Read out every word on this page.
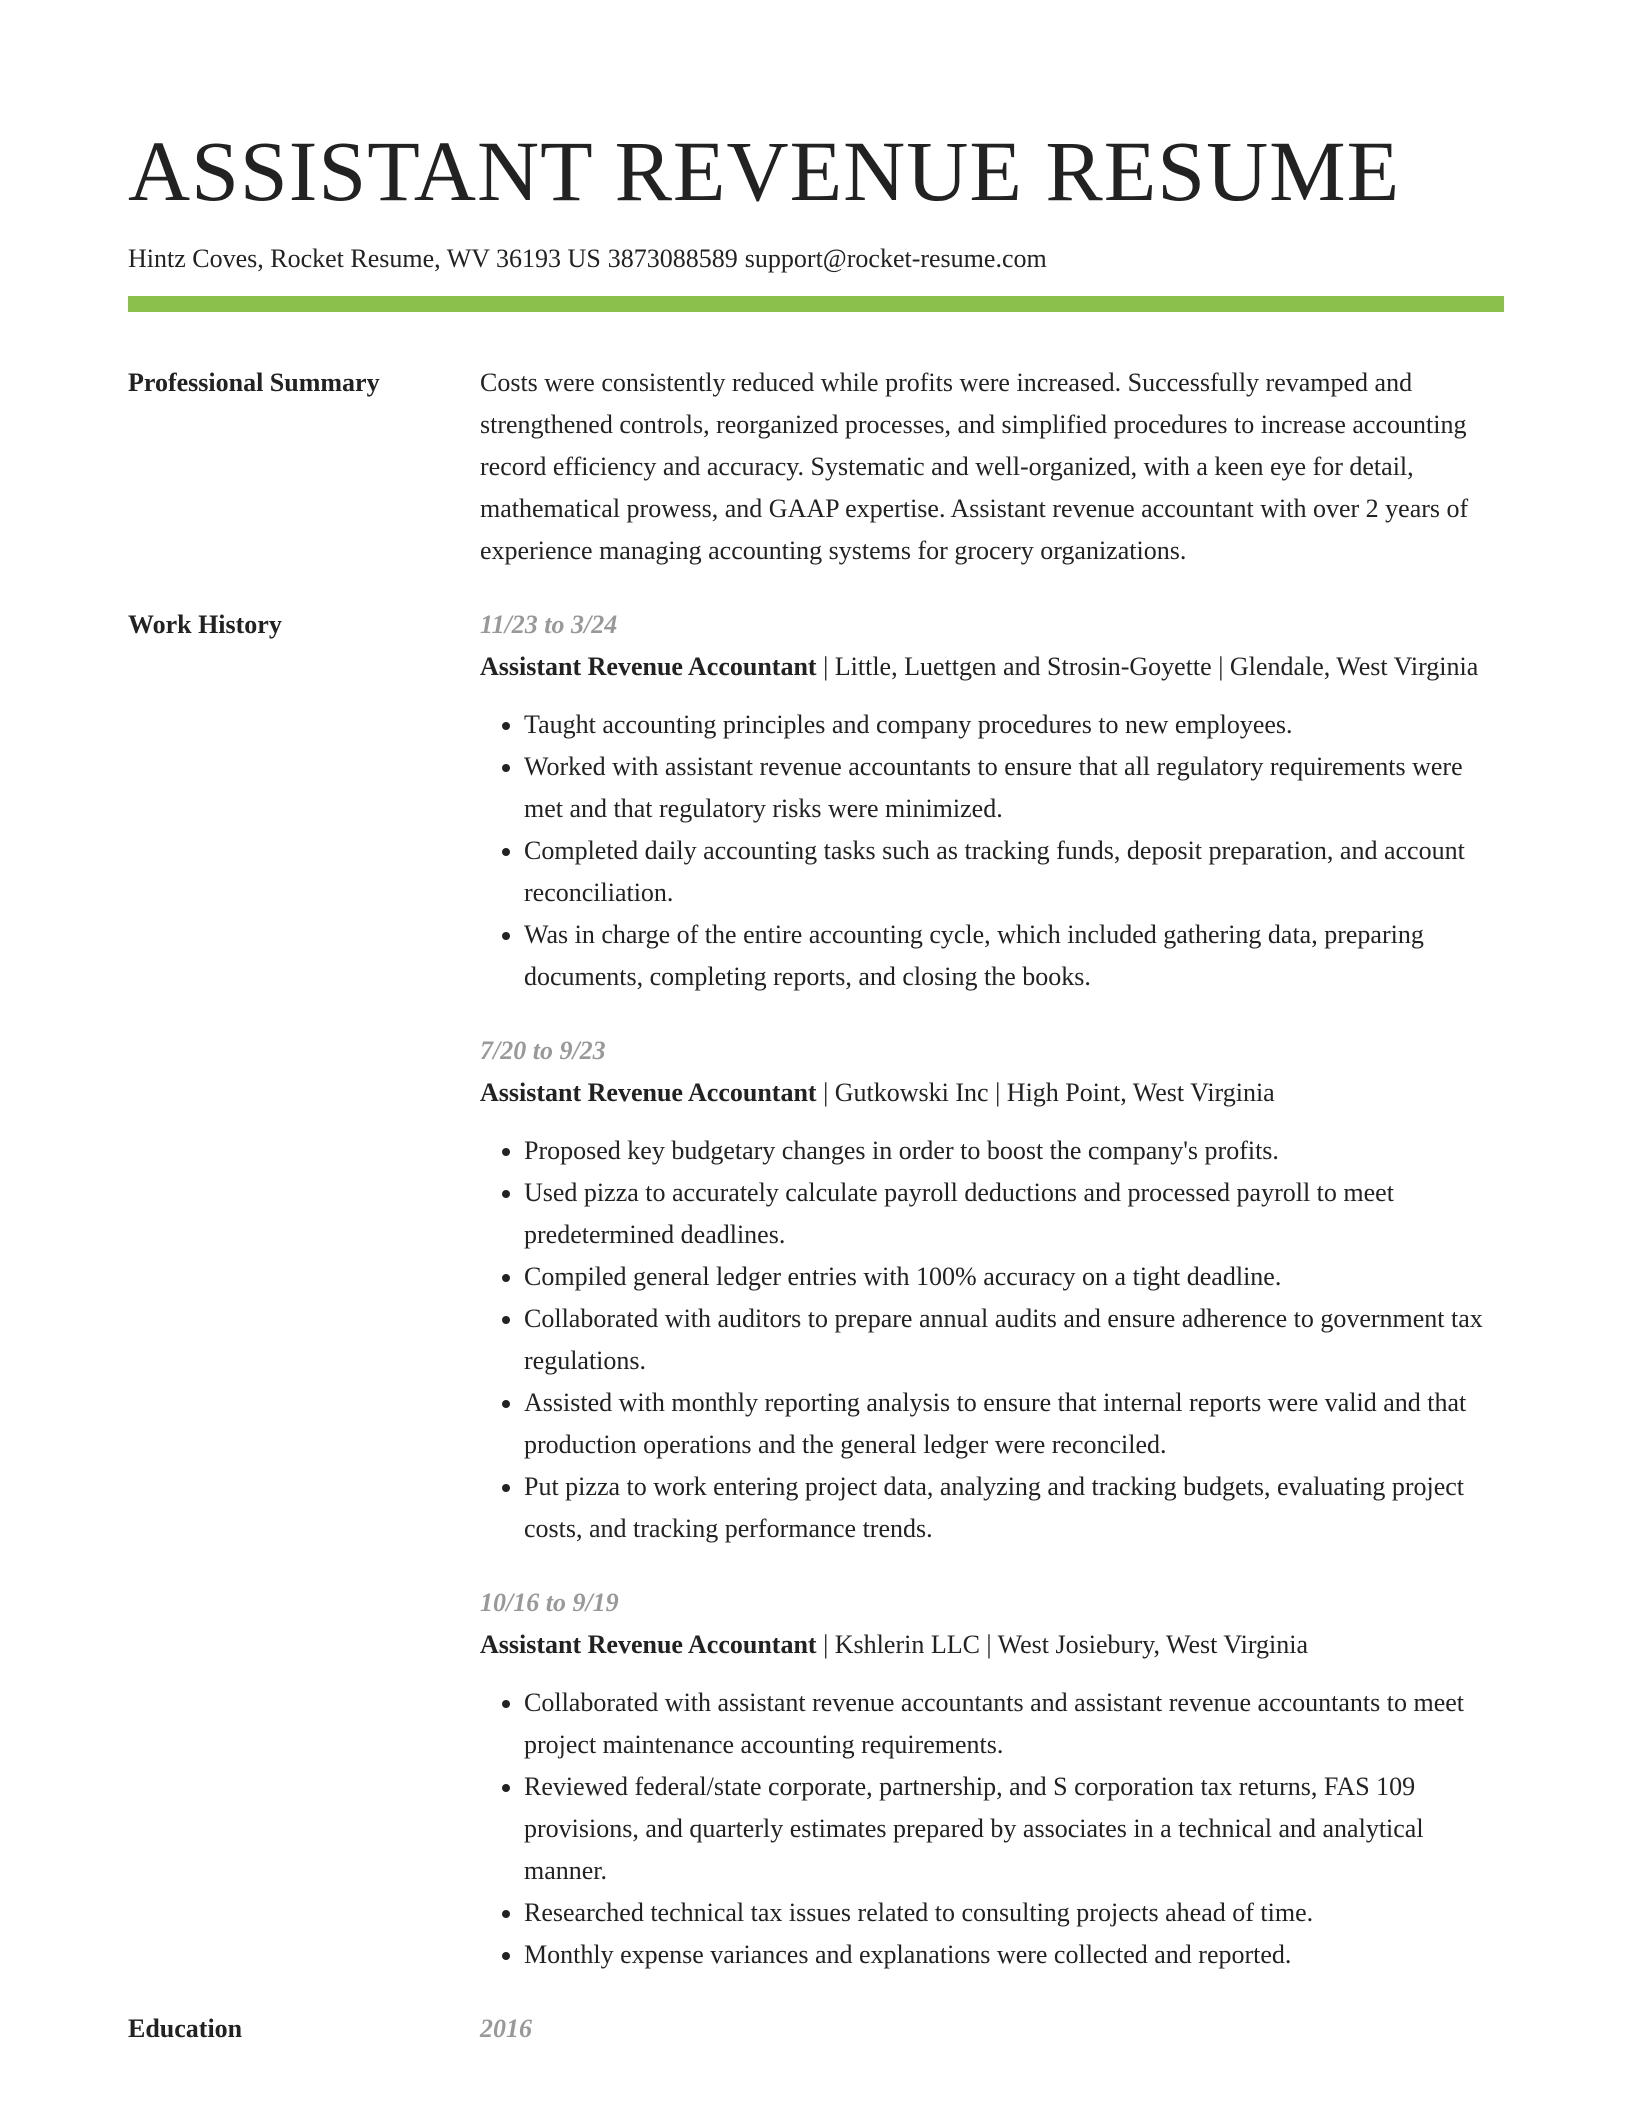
ASSISTANT REVENUE RESUME
Hintz Coves, Rocket Resume, WV 36193 US 3873088589 support@rocket-resume.com
Professional Summary	Costs were consistently reduced while profits were increased. Successfully revamped and strengthened controls, reorganized processes, and simplified procedures to increase accounting record efficiency and accuracy. Systematic and well-organized, with a keen eye for detail, mathematical prowess, and GAAP expertise. Assistant revenue accountant with over 2 years of experience managing accounting systems for grocery organizations.

Work History	11/23 to 3/24

Assistant Revenue Accountant | Little, Luettgen and Strosin-Goyette | Glendale, West Virginia

• Taught accounting principles and company procedures to new employees.
• Worked with assistant revenue accountants to ensure that all regulatory requirements were met and that regulatory risks were minimized.
• Completed daily accounting tasks such as tracking funds, deposit preparation, and account reconciliation.
• Was in charge of the entire accounting cycle, which included gathering data, preparing documents, completing reports, and closing the books.
7/20 to 9/23

Assistant Revenue Accountant | Gutkowski Inc | High Point, West Virginia

• Proposed key budgetary changes in order to boost the company's profits.
• Used pizza to accurately calculate payroll deductions and processed payroll to meet predetermined deadlines.
• Compiled general ledger entries with 100% accuracy on a tight deadline.
• Collaborated with auditors to prepare annual audits and ensure adherence to government tax regulations.
• Assisted with monthly reporting analysis to ensure that internal reports were valid and that production operations and the general ledger were reconciled.
• Put pizza to work entering project data, analyzing and tracking budgets, evaluating project costs, and tracking performance trends.
10/16 to 9/19

Assistant Revenue Accountant | Kshlerin LLC | West Josiebury, West Virginia

• Collaborated with assistant revenue accountants and assistant revenue accountants to meet project maintenance accounting requirements.
• Reviewed federal/state corporate, partnership, and S corporation tax returns, FAS 109 provisions, and quarterly estimates prepared by associates in a technical and analytical manner.
• Researched technical tax issues related to consulting projects ahead of time.
• Monthly expense variances and explanations were collected and reported.
Education	2016
